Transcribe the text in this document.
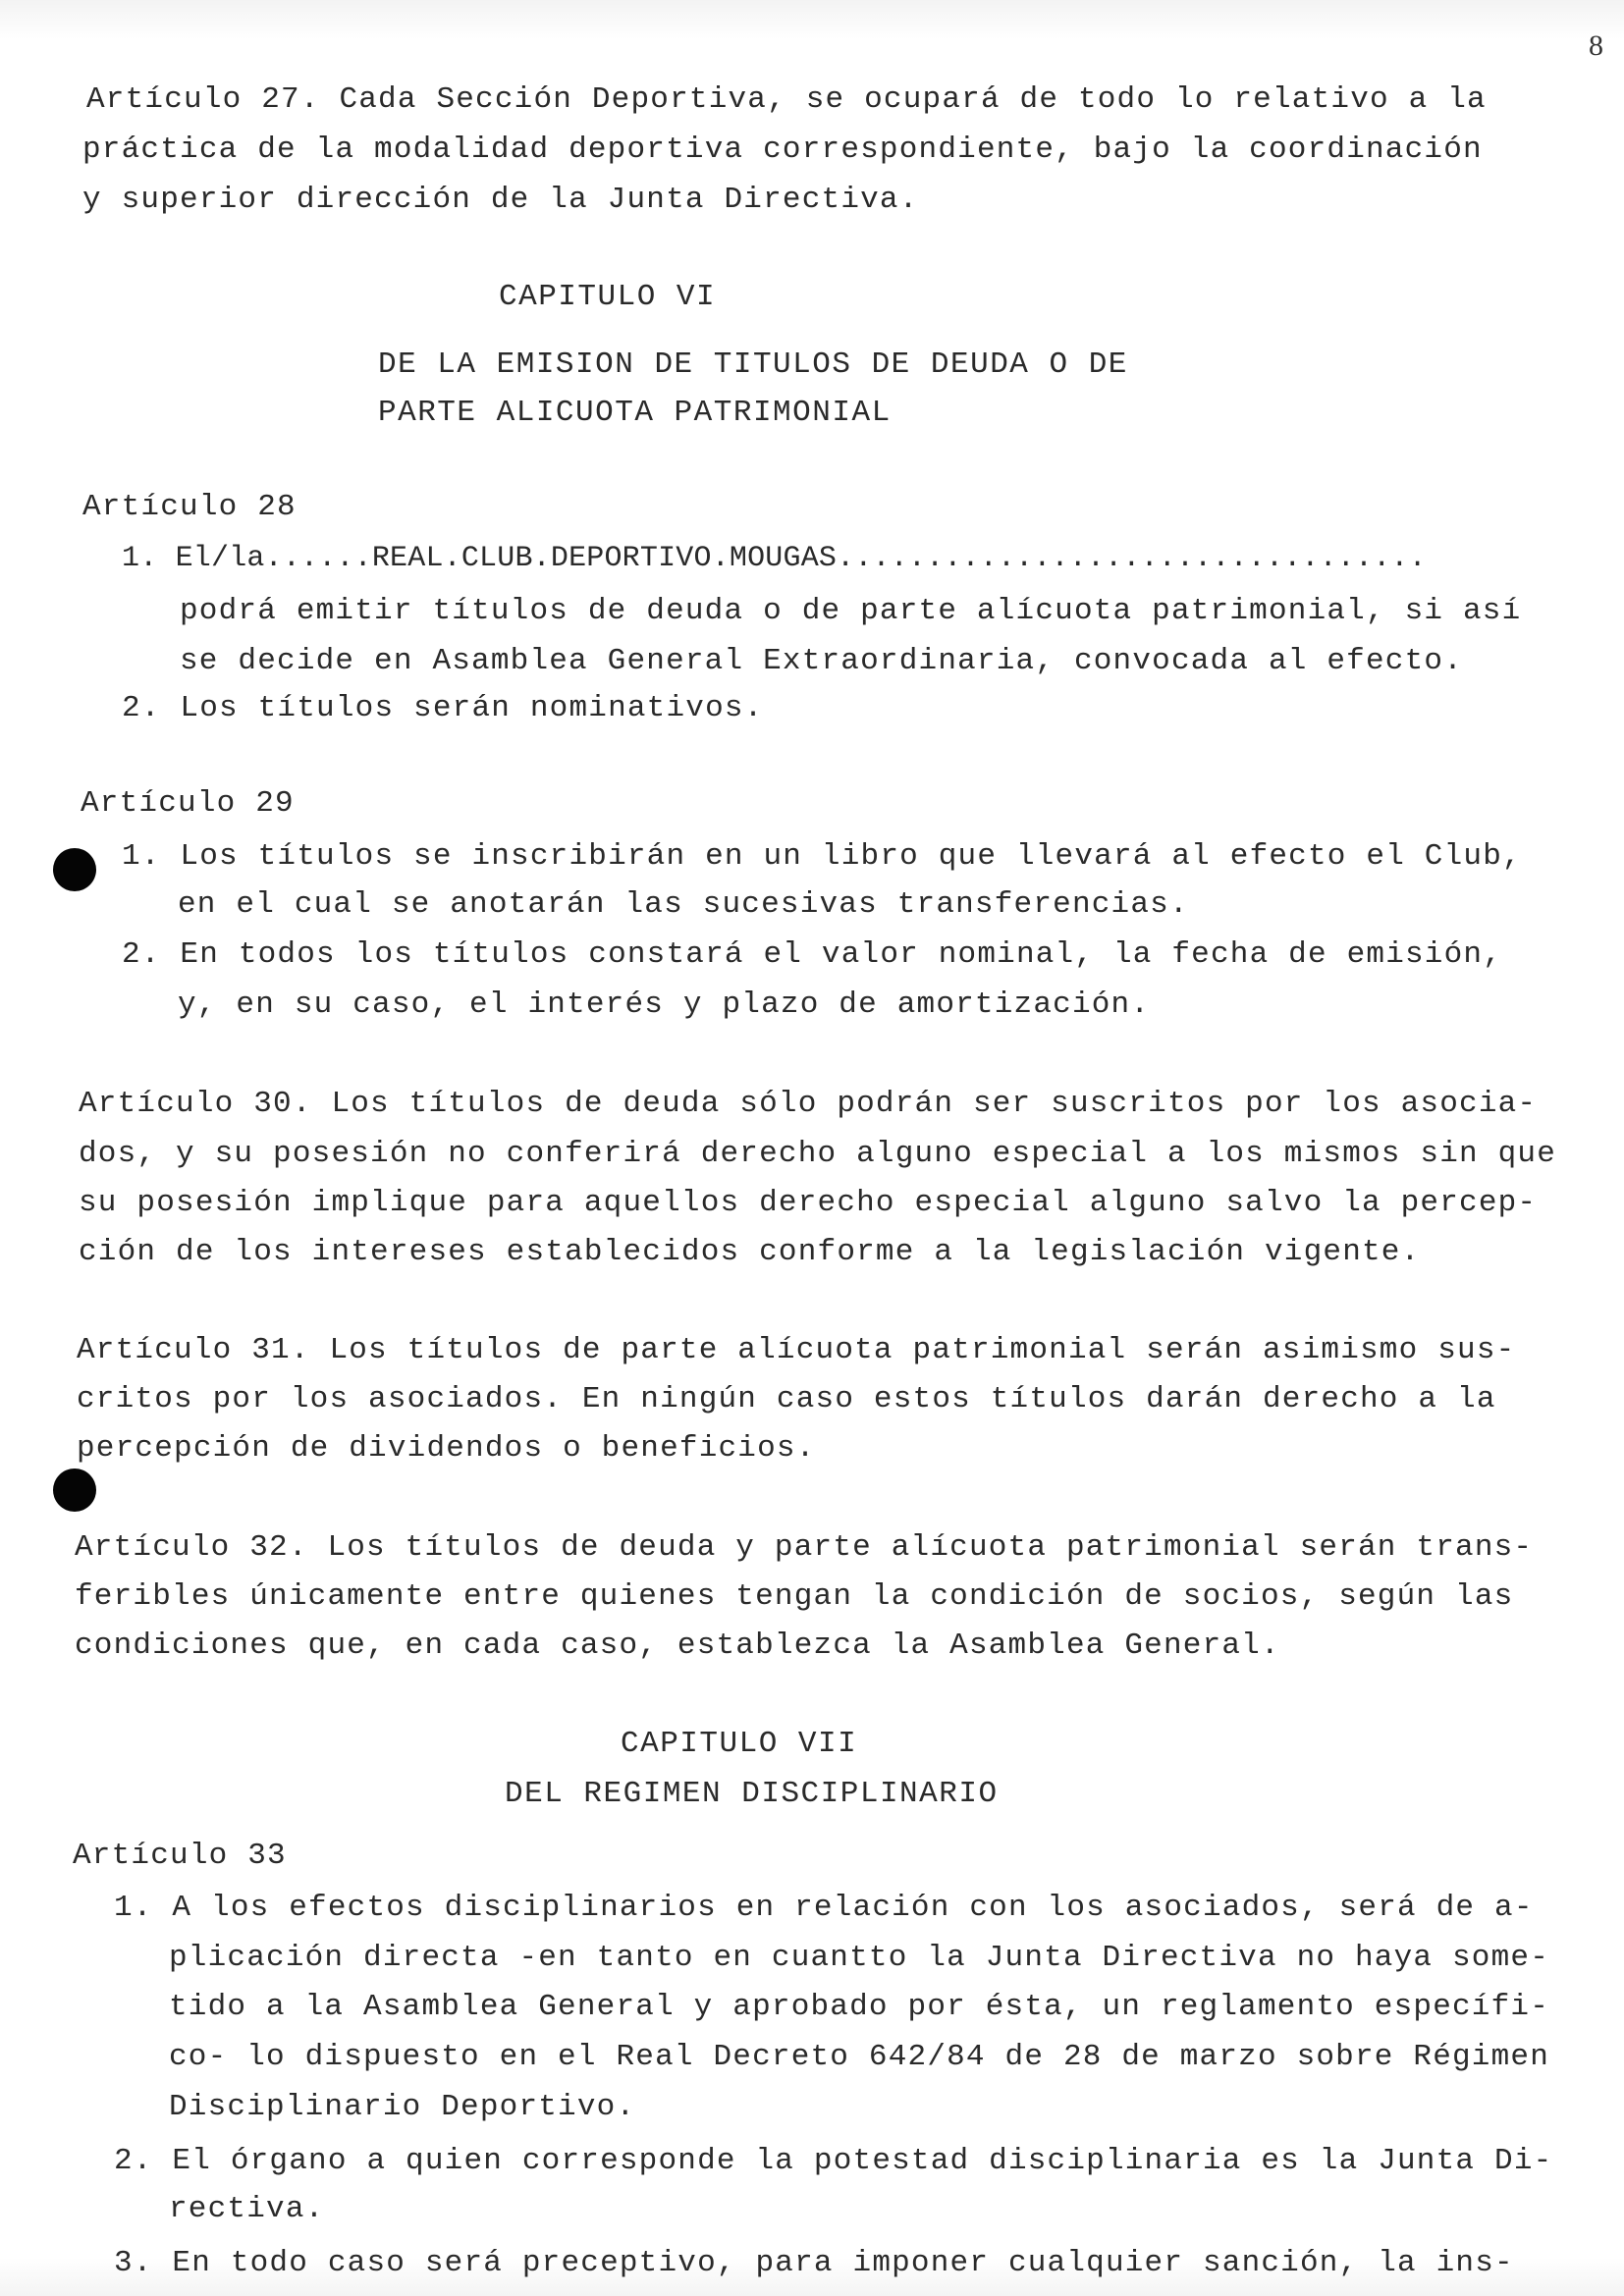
8
Artículo 27. Cada Sección Deportiva, se ocupará de todo lo relativo a la
práctica de la modalidad deportiva correspondiente, bajo la coordinación
y superior dirección de la Junta Directiva.
CAPITULO VI
DE LA EMISION DE TITULOS DE DEUDA O DE
PARTE ALICUOTA PATRIMONIAL
Artículo 28
1. El/la......REAL.CLUB.DEPORTIVO.MOUGAS.................................
podrá emitir títulos de deuda o de parte alícuota patrimonial, si así
se decide en Asamblea General Extraordinaria, convocada al efecto.
2. Los títulos serán nominativos.
Artículo 29
1. Los títulos se inscribirán en un libro que llevará al efecto el Club,
en el cual se anotarán las sucesivas transferencias.
2. En todos los títulos constará el valor nominal, la fecha de emisión,
y, en su caso, el interés y plazo de amortización.
Artículo 30. Los títulos de deuda sólo podrán ser suscritos por los asocia-
dos, y su posesión no conferirá derecho alguno especial a los mismos sin que
su posesión implique para aquellos derecho especial alguno salvo la percep-
ción de los intereses establecidos conforme a la legislación vigente.
Artículo 31. Los títulos de parte alícuota patrimonial serán asimismo sus-
critos por los asociados. En ningún caso estos títulos darán derecho a la
percepción de dividendos o beneficios.
Artículo 32. Los títulos de deuda y parte alícuota patrimonial serán trans-
feribles únicamente entre quienes tengan la condición de socios, según las
condiciones que, en cada caso, establezca la Asamblea General.
CAPITULO VII
DEL REGIMEN DISCIPLINARIO
Artículo 33
1. A los efectos disciplinarios en relación con los asociados, será de a-
plicación directa -en tanto en cuantto la Junta Directiva no haya some-
tido a la Asamblea General y aprobado por ésta, un reglamento específi-
co- lo dispuesto en el Real Decreto 642/84 de 28 de marzo sobre Régimen
Disciplinario Deportivo.
2. El órgano a quien corresponde la potestad disciplinaria es la Junta Di-
rectiva.
3. En todo caso será preceptivo, para imponer cualquier sanción, la ins-
